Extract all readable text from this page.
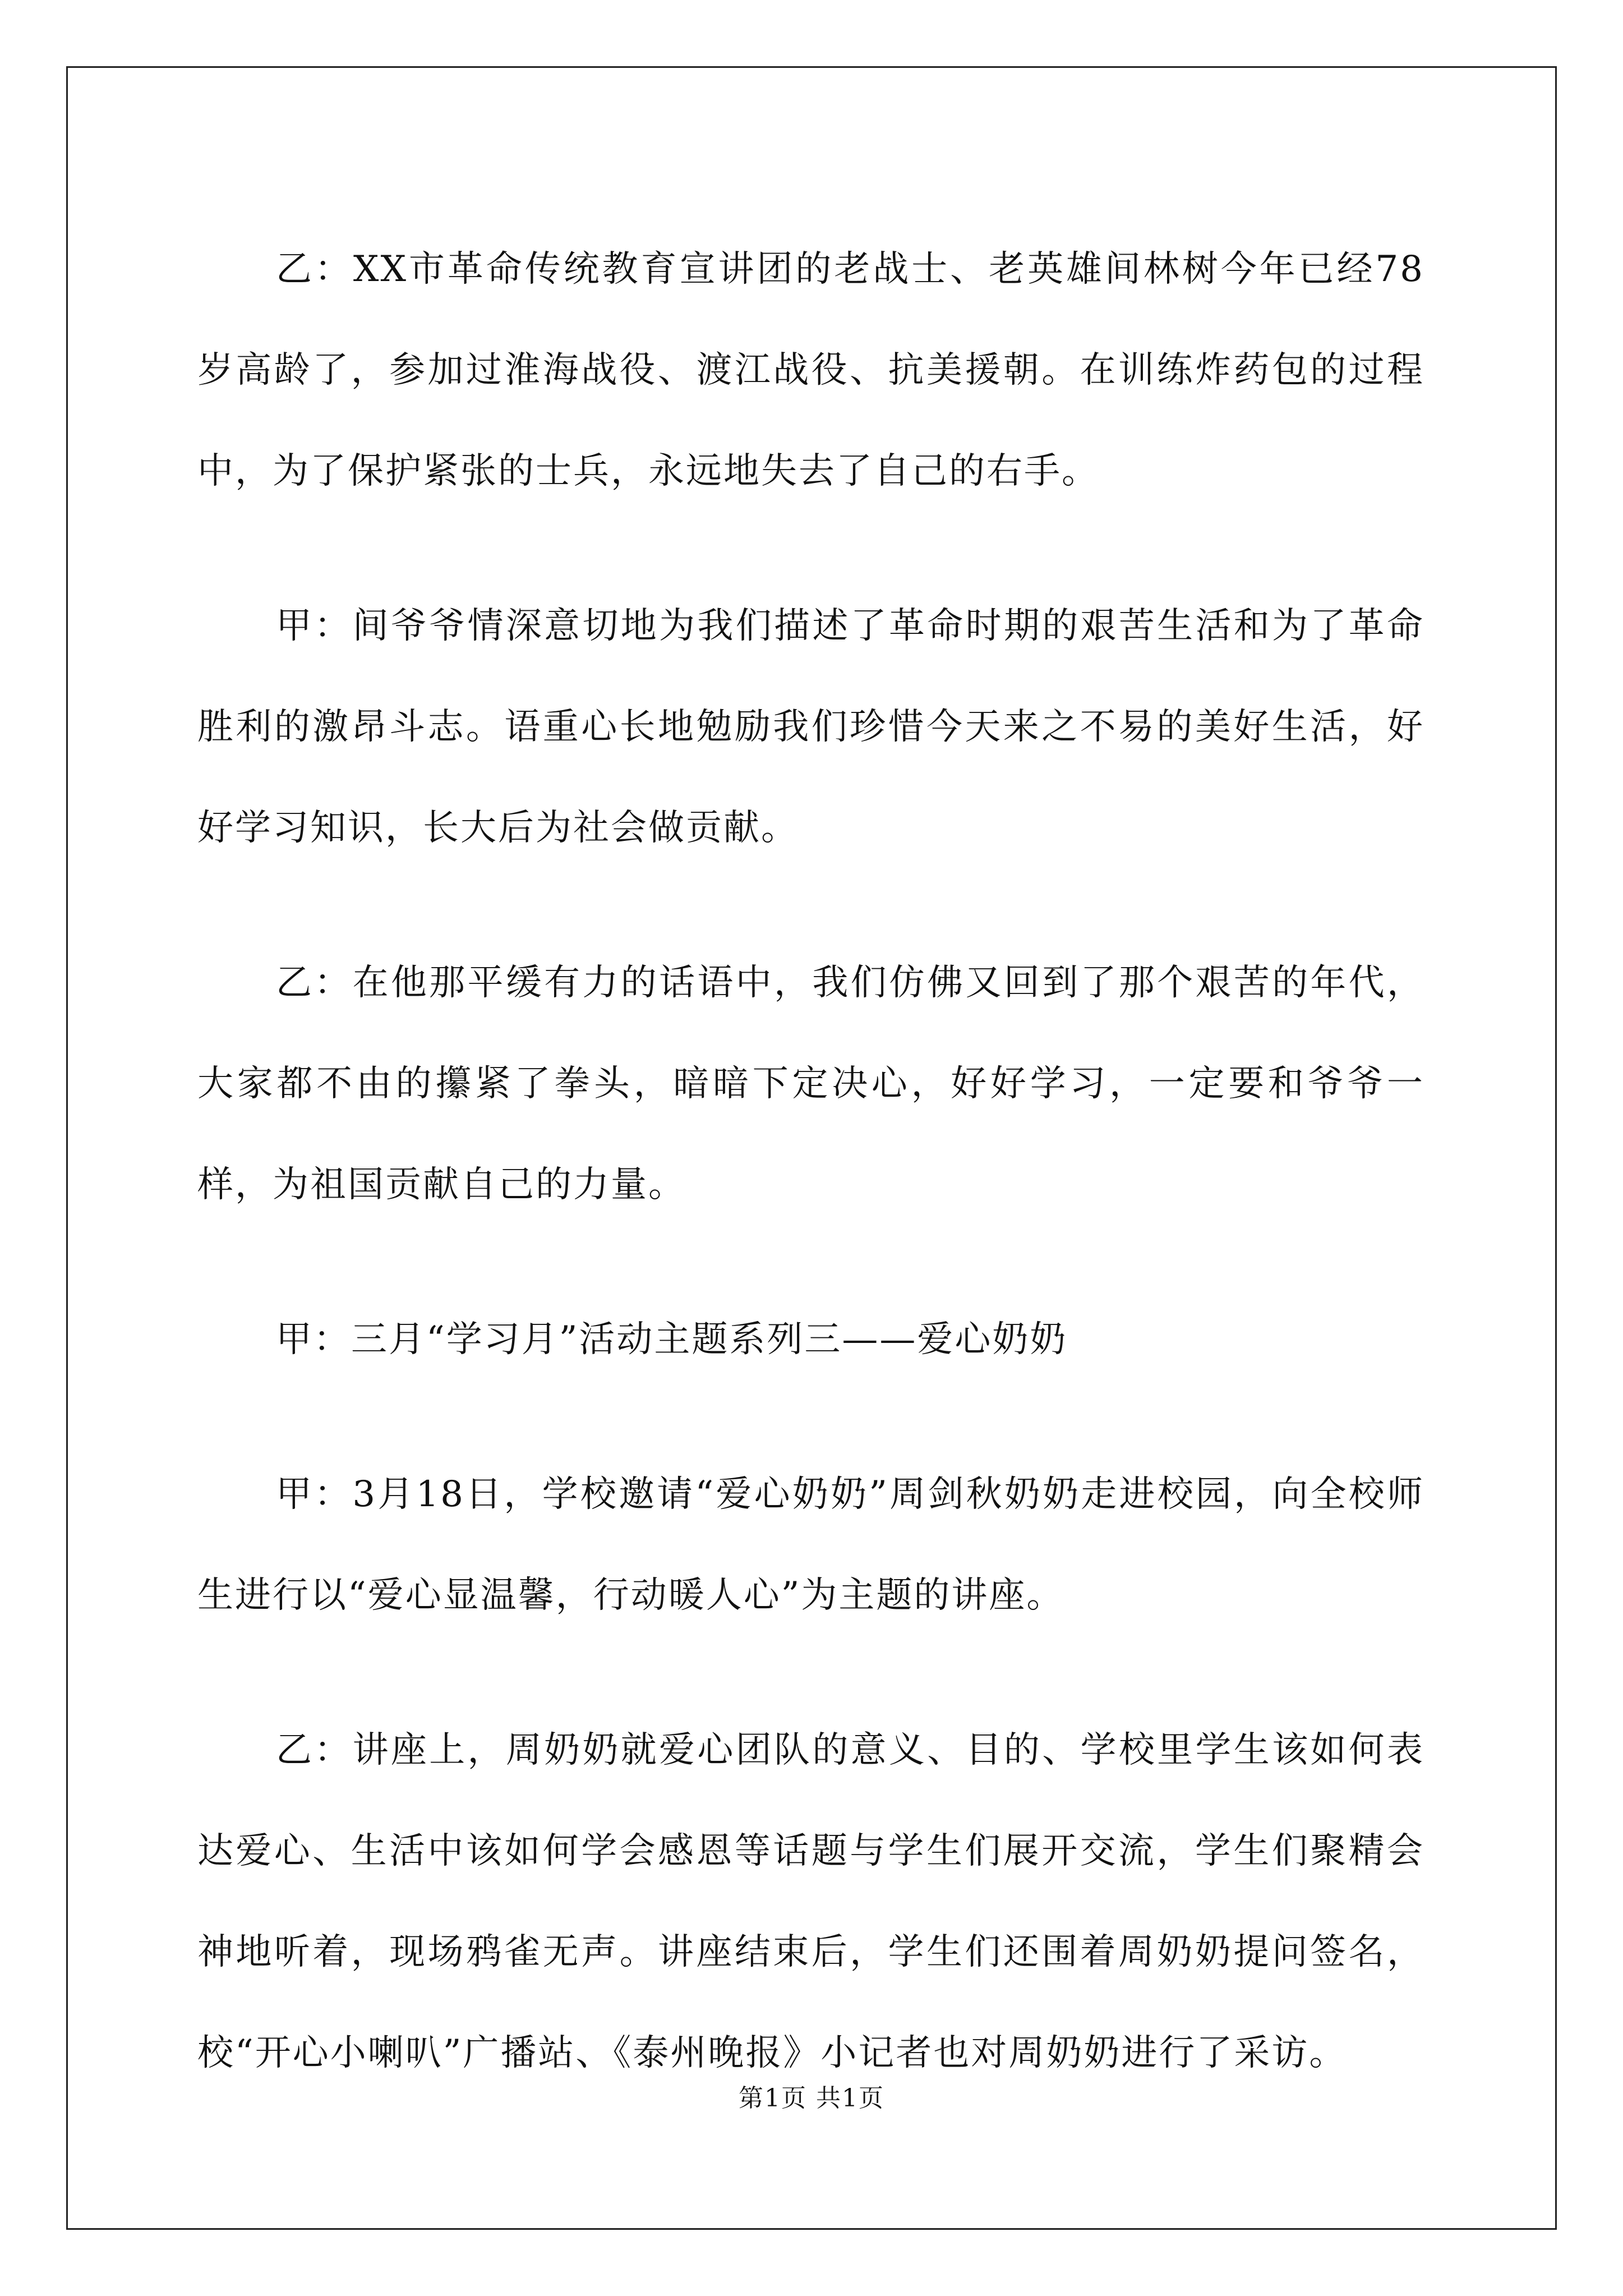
乙：XX市革命传统教育宣讲团的老战士、老英雄间林树今年已经78岁高龄了，参加过淮海战役、渡江战役、抗美援朝。在训练炸药包的过程中，为了保护紧张的士兵，永远地失去了自己的右手。

甲：间爷爷情深意切地为我们描述了革命时期的艰苦生活和为了革命胜利的激昂斗志。语重心长地勉励我们珍惜今天来之不易的美好生活，好好学习知识，长大后为社会做贡献。

乙：在他那平缓有力的话语中，我们仿佛又回到了那个艰苦的年代，大家都不由的攥紧了拳头，暗暗下定决心，好好学习，一定要和爷爷一样，为祖国贡献自己的力量。

甲：三月“学习月”活动主题系列三——爱心奶奶

甲：3月18日，学校邀请“爱心奶奶”周剑秋奶奶走进校园，向全校师生进行以“爱心显温馨，行动暖人心”为主题的讲座。

乙：讲座上，周奶奶就爱心团队的意义、目的、学校里学生该如何表达爱心、生活中该如何学会感恩等话题与学生们展开交流，学生们聚精会神地听着，现场鸦雀无声。讲座结束后，学生们还围着周奶奶提问签名，校“开心小喇叭”广播站、《泰州晚报》小记者也对周奶奶进行了采访。

第1页 共1页
